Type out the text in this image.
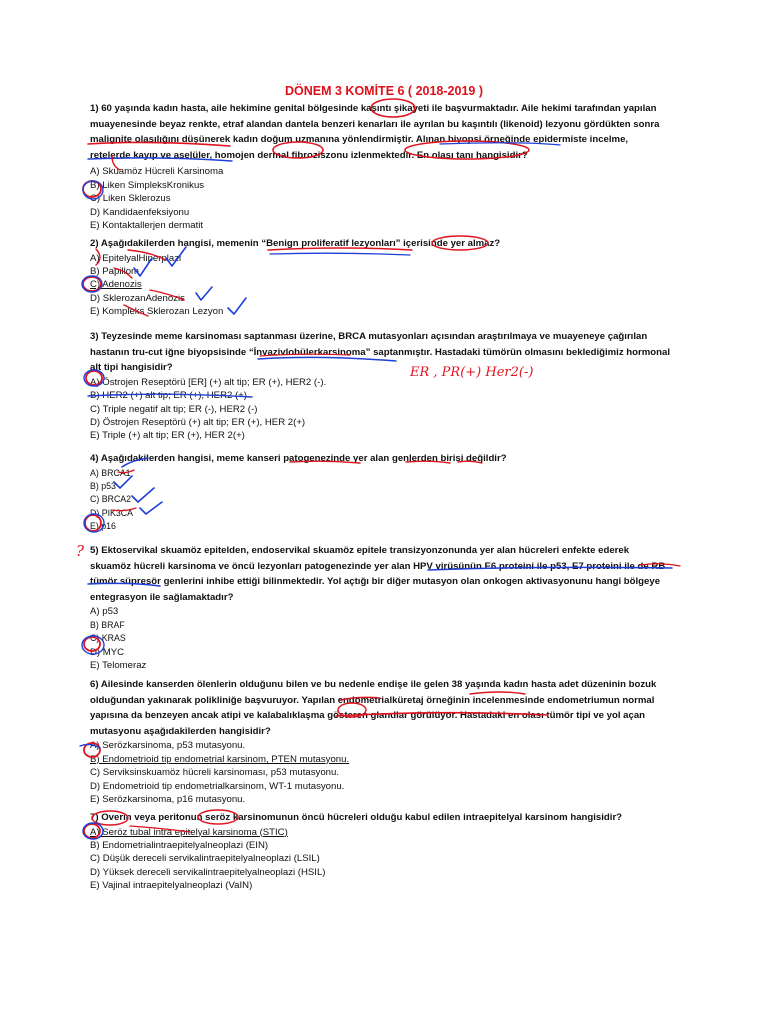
DÖNEM 3 KOMİTE 6 ( 2018-2019 )
1) 60 yaşında kadın hasta, aile hekimine genital bölgesinde kaşıntı şikayeti ile başvurmaktadır. Aile hekimi tarafından yapılan muayenesinde beyaz renkte, etraf alandan dantela benzeri kenarları ile ayrılan bu kaşıntılı (likenoid) lezyonu gördükten sonra malignite olasılığını düşünerek kadın doğum uzmanına yönlendirmiştir. Alınan biyopsi örneğinde epidermiste incelme, retelerde kayıp ve aselüler, homojen dermal fibroziszonu izlenmektedir. En olası tanı hangisidir?
A) Skuamöz Hücreli Karsinoma
B) Liken SimpleksKronikus
C) Liken Sklerozus
D) Kandidaenfeksiyonu
E) Kontaktallerjen dermatit
2) Aşağıdakilerden hangisi, memenin “Benign proliferatif lezyonları” içerisinde yer almaz?
A) EpitelyalHiperplazi
B) Papillom
C) Adenozis
D) SklerozanAdenozis
E) Kompleks Sklerozan Lezyon
3) Teyzesinde meme karsinoması saptanması üzerine, BRCA mutasyonları açısından araştırılmaya ve muayeneye çağırılan hastanın tru-cut iğne biyopsisinde “İnvazivlobülerkarsinoma” saptanmıştır. Hastadaki tümörün olmasını beklediğimiz hormonal alt tipi hangisidir?
A) Östrojen Reseptörü [ER] (+) alt tip; ER (+), HER2 (-).
B) HER2 (+) alt tip; ER (+), HER2 (+)
C) Triple negatif alt tip; ER (-), HER2 (-)
D) Östrojen Reseptörü (+) alt tip; ER (+), HER 2(+)
E) Triple (+) alt tip; ER (+), HER 2(+)
4) Aşağıdakilerden hangisi, meme kanseri patogenezinde yer alan genlerden birisi değildir?
A) BRCA1
B) p53
C) BRCA2
D) PIK3CA
E) p16
5) Ektoservikal skuamöz epitelden, endoservikal skuamöz epitele transizyonzonunda yer alan hücreleri enfekte ederek skuamöz hücreli karsinoma ve öncü lezyonları patogenezinde yer alan HPV virüsünün E6 proteini ile p53, E7 proteini ile de RB tümör süpresör genlerini inhibe ettiği bilinmektedir. Yol açtığı bir diğer mutasyon olan onkogen aktivasyonunu hangi bölgeye entegrasyon ile sağlamaktadır?
A) p53
B) BRAF
C) KRAS
D) MYC
E) Telomeraz
6) Ailesinde kanserden ölenlerin olduğunu bilen ve bu nedenle endişe ile gelen 38 yaşında kadın hasta adet düzeninin bozuk olduğundan yakınarak polikliniğe başvuruyor. Yapılan endometrialküretaj örneğinin incelenmesinde endometriumun normal yapısına da benzeyen ancak atipi ve kalabalıklaşma gösteren glandlar görülüyor. Hastadaki en olası tümör tipi ve yol açan mutasyonu aşağıdakilerden hangisidir?
A) Serözkarsinoma, p53 mutasyonu.
B) Endometrioid tip endometrial karsinom, PTEN mutasyonu.
C) Serviksinskuamöz hücreli karsinoması, p53 mutasyonu.
D) Endometrioid tip endometrialkarsinom, WT-1 mutasyonu.
E) Serözkarsinoma, p16 mutasyonu.
7) Overin veya peritonun seröz karsinomunun öncü hücreleri olduğu kabul edilen intraepitelyal karsinom hangisidir?
A) Seröz tubal intra epitelyal karsinoma (STIC)
B) Endometrialintraepitelyalneoplazi (EIN)
C) Düşük dereceli servikalintraepitelyalneoplazi (LSIL)
D) Yüksek dereceli servikalintraepitelyalneoplazi (HSIL)
E) Vajinal intraepitelyalneoplazi (VaIN)
ER , PR(+) Her2(-)
?
